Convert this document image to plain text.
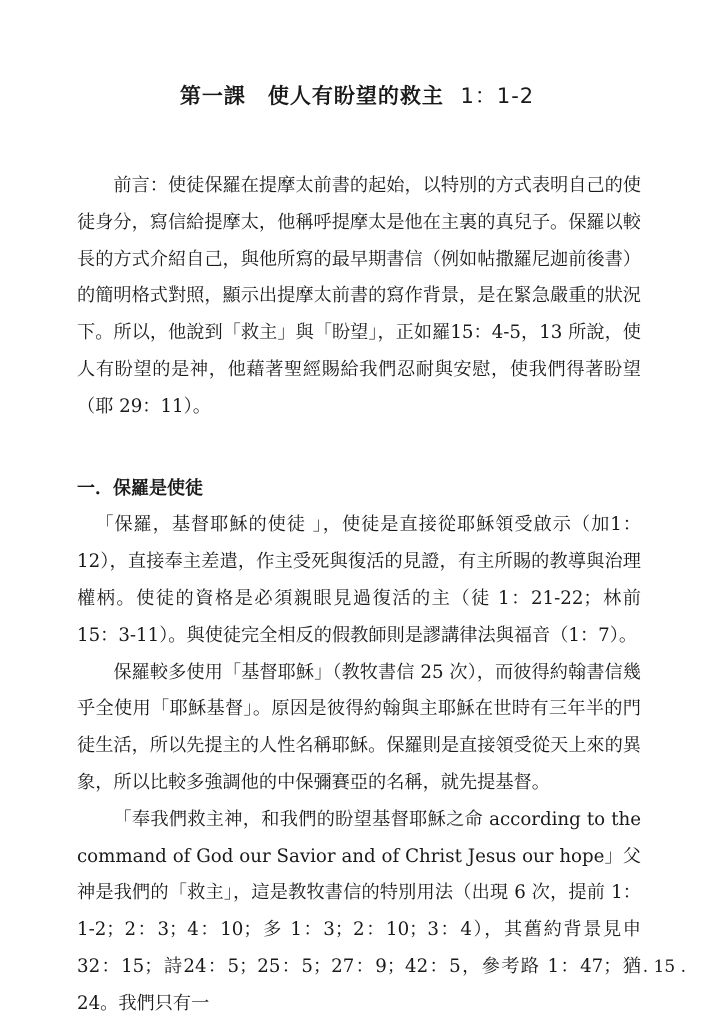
第一課 使人有盼望的救主 1：1-2

前言：使徒保羅在提摩太前書的起始，以特別的方式表明自己的使徒身分，寫信給提摩太，他稱呼提摩太是他在主裏的真兒子。保羅以較長的方式介紹自己，與他所寫的最早期書信（例如帖撒羅尼迦前後書）的簡明格式對照，顯示出提摩太前書的寫作背景，是在緊急嚴重的狀況下。所以，他說到「救主」與「盼望」，正如羅15：4-5，13 所說，使人有盼望的是神，他藉著聖經賜給我們忍耐與安慰，使我們得著盼望（耶 29：11）。

一．保羅是使徒

「保羅，基督耶穌的使徒 」，使徒是直接從耶穌領受啟示（加1：12），直接奉主差遣，作主受死與復活的見證，有主所賜的教導與治理權柄。使徒的資格是必須親眼見過復活的主（徒 1：21-22；林前15：3-11）。與使徒完全相反的假教師則是謬講律法與福音（1：7）。

保羅較多使用「基督耶穌」（教牧書信 25 次），而彼得約翰書信幾乎全使用「耶穌基督」。原因是彼得約翰與主耶穌在世時有三年半的門徒生活，所以先提主的人性名稱耶穌。保羅則是直接領受從天上來的異象，所以比較多強調他的中保彌賽亞的名稱，就先提基督。

「奉我們救主神，和我們的盼望基督耶穌之命 according to the command of God our Savior and of Christ Jesus our hope」父神是我們的「救主」，這是教牧書信的特別用法（出現 6 次，提前 1：1-2；2：3；4：10；多 1：3；2：10；3：4），其舊約背景見申 32：15；詩24：5；25：5；27：9；42：5，參考路 1：47；猶 24。我們只有一

. 15 .
